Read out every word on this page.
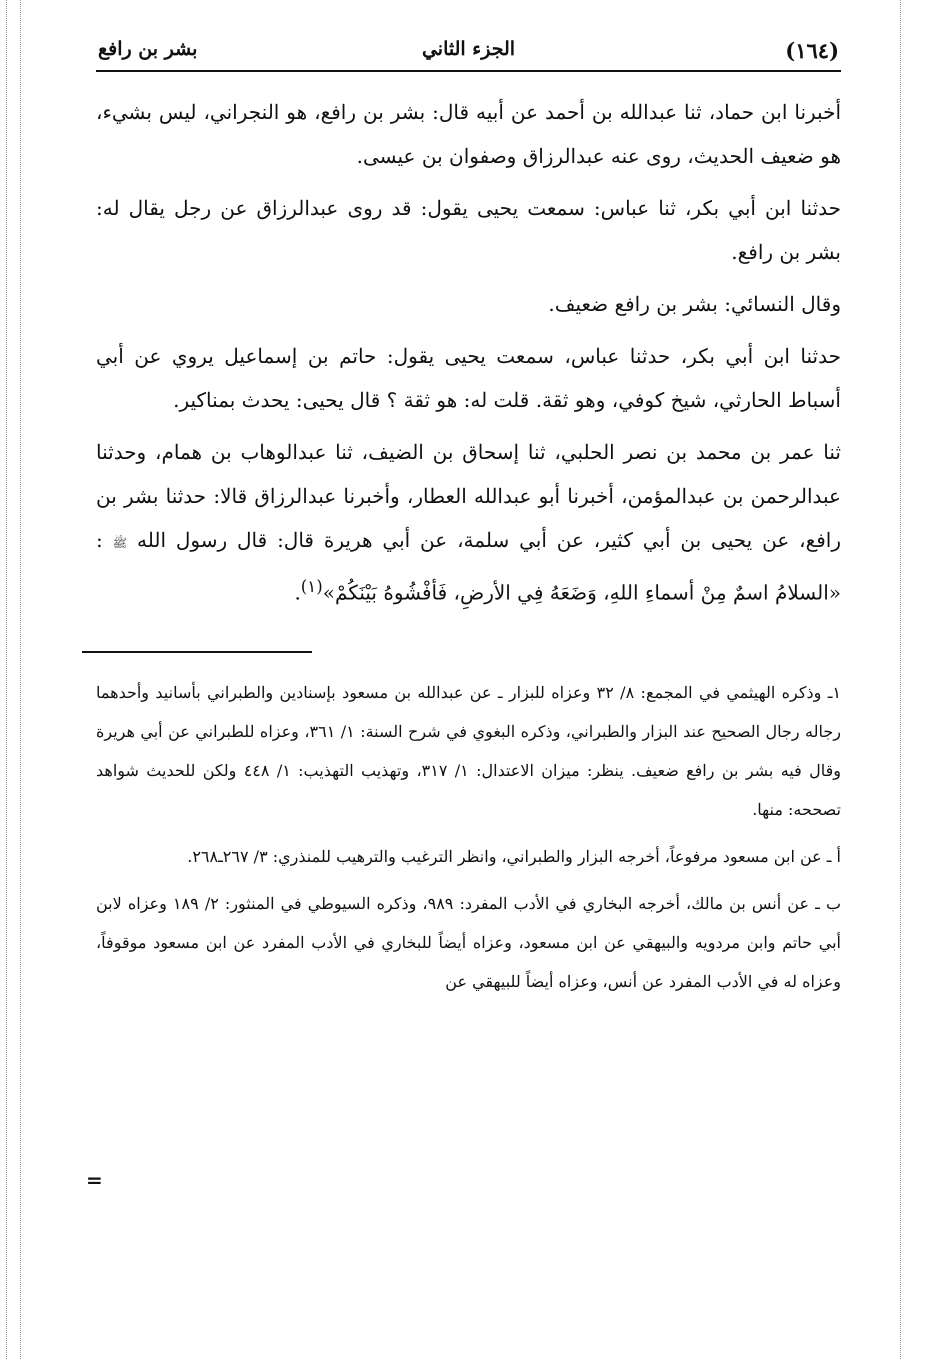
(١٦٤)
الجزء الثاني
بشر بن رافع

أخبرنا ابن حماد، ثنا عبدالله بن أحمد عن أبيه قال: بشر بن رافع، هو النجراني، ليس بشيء، هو ضعيف الحديث، روى عنه عبدالرزاق وصفوان بن عيسى.

حدثنا ابن أبي بكر، ثنا عباس: سمعت يحيى يقول: قد روى عبدالرزاق عن رجل يقال له: بشر بن رافع.

وقال النسائي: بشر بن رافع ضعيف.

حدثنا ابن أبي بكر، حدثنا عباس، سمعت يحيى يقول: حاتم بن إسماعيل يروي عن أبي أسباط الحارثي، شيخ كوفي، وهو ثقة. قلت له: هو ثقة ؟ قال يحيى: يحدث بمناكير.

ثنا عمر بن محمد بن نصر الحلبي، ثنا إسحاق بن الضيف، ثنا عبدالوهاب بن همام، وحدثنا عبدالرحمن بن عبدالمؤمن، أخبرنا أبو عبدالله العطار، وأخبرنا عبدالرزاق قالا: حدثنا بشر بن رافع، عن يحيى بن أبي كثير، عن أبي سلمة، عن أبي هريرة قال: قال رسول الله ﷺ : «السلامُ اسمٌ مِنْ أسماءِ اللهِ، وَضَعَهُ فِي الأرضِ، فَأفْشُوهُ بَيْنَكُمْ»$^{(١)}$.

١ـ وذكره الهيثمي في المجمع: ٨/ ٣٢ وعزاه للبزار ـ عن عبدالله بن مسعود بإسنادين والطبراني بأسانيد وأحدهما رجاله رجال الصحيح عند البزار والطبراني، وذكره البغوي في شرح السنة: ١/ ٣٦١، وعزاه للطبراني عن أبي هريرة وقال فيه بشر بن رافع ضعيف. ينظر: ميزان الاعتدال: ١/ ٣١٧، وتهذيب التهذيب: ١/ ٤٤٨ ولكن للحديث شواهد تصححه: منها.

أ ـ عن ابن مسعود مرفوعاً، أخرجه البزار والطبراني، وانظر الترغيب والترهيب للمنذري: ٣/ ٢٦٧ـ٢٦٨.

ب ـ عن أنس بن مالك، أخرجه البخاري في الأدب المفرد: ٩٨٩، وذكره السيوطي في المنثور: ٢/ ١٨٩ وعزاه لابن أبي حاتم وابن مردويه والبيهقي عن ابن مسعود، وعزاه أيضاً للبخاري في الأدب المفرد عن ابن مسعود موقوفاً، وعزاه له في الأدب المفرد عن أنس، وعزاه أيضاً للبيهقي عن

=
